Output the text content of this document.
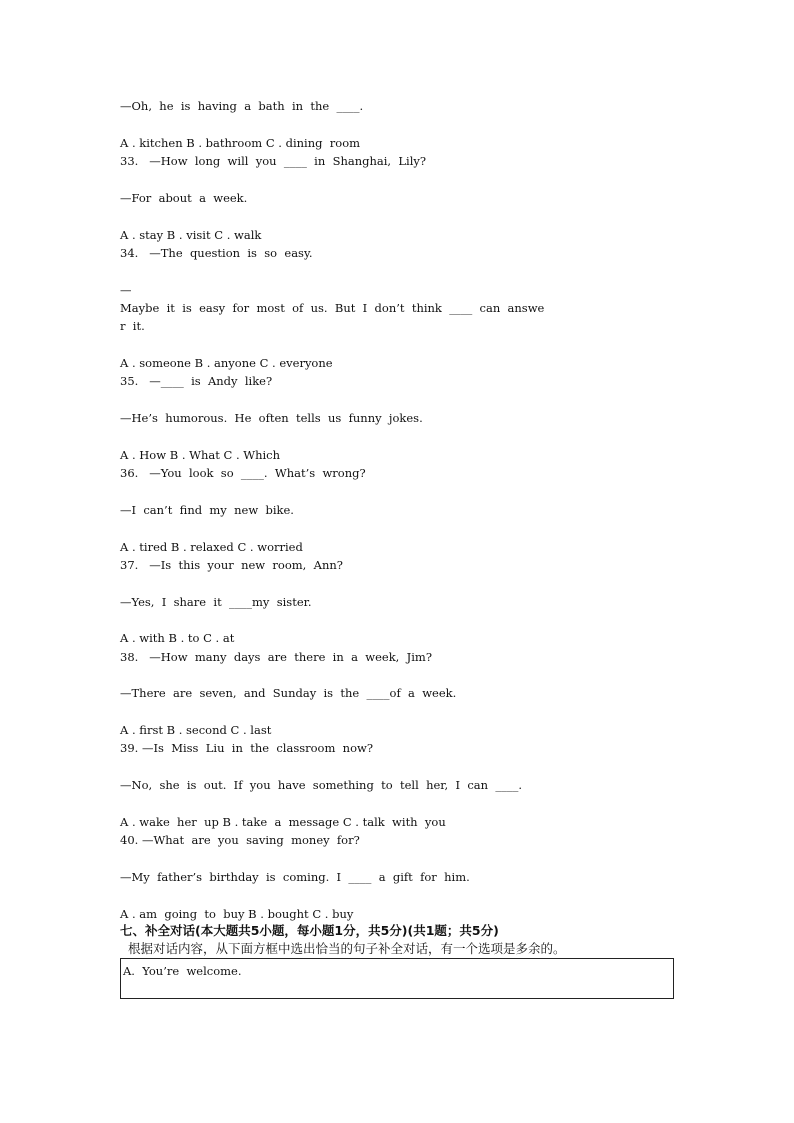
—Oh,  he  is  having  a  bath  in  the  ____.
A . kitchen B . bathroom C . dining  room
33.   —How  long  will  you  ____  in  Shanghai,  Lily?
—For  about  a  week.
A . stay B . visit C . walk
34.   —The  question  is  so  easy.
—
Maybe  it  is  easy  for  most  of  us.  But  I  don’t  think  ____  can  answe
r  it.
A . someone B . anyone C . everyone
35.   —____  is  Andy  like?
—He’s  humorous.  He  often  tells  us  funny  jokes.
A . How B . What C . Which
36.   —You  look  so  ____.  What’s  wrong?
—I  can’t  find  my  new  bike.
A . tired B . relaxed C . worried
37.   —Is  this  your  new  room,  Ann?
—Yes,  I  share  it  ____my  sister.
A . with B . to C . at
38.   —How  many  days  are  there  in  a  week,  Jim?
—There  are  seven,  and  Sunday  is  the  ____of  a  week.
A . first B . second C . last
39. —Is  Miss  Liu  in  the  classroom  now?
—No,  she  is  out.  If  you  have  something  to  tell  her,  I  can  ____.
A . wake  her  up B . take  a  message C . talk  with  you
40. —What  are  you  saving  money  for?
—My  father’s  birthday  is  coming.  I  ____  a  gift  for  him.
A . am  going  to  buy B . bought C . buy
七、补全对话(本大题共5小题，每小题1分，共5分)(共1题；共5分)
根据对话内容，从下面方框中选出恰当的句子补全对话，有一个选项是多余的。
A.  You’re  welcome.
